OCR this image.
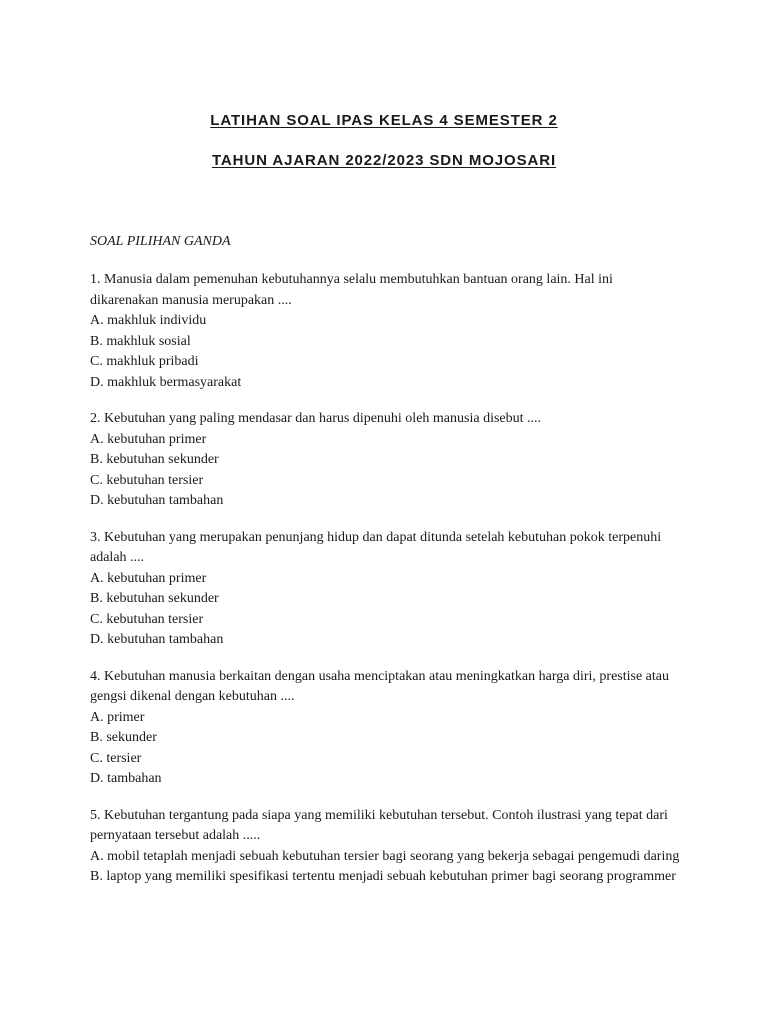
LATIHAN SOAL IPAS KELAS 4 SEMESTER 2
TAHUN AJARAN 2022/2023 SDN MOJOSARI
SOAL PILIHAN GANDA

1. Manusia dalam pemenuhan kebutuhannya selalu membutuhkan bantuan orang lain. Hal ini dikarenakan manusia merupakan ....

A. makhluk individu

B. makhluk sosial

C. makhluk pribadi

D. makhluk bermasyarakat

2. Kebutuhan yang paling mendasar dan harus dipenuhi oleh manusia disebut ....

A. kebutuhan primer

B. kebutuhan sekunder

C. kebutuhan tersier

D. kebutuhan tambahan

3. Kebutuhan yang merupakan penunjang hidup dan dapat ditunda setelah kebutuhan pokok terpenuhi adalah ....

A. kebutuhan primer

B. kebutuhan sekunder

C. kebutuhan tersier

D. kebutuhan tambahan

4. Kebutuhan manusia berkaitan dengan usaha menciptakan atau meningkatkan harga diri, prestise atau gengsi dikenal dengan kebutuhan ....

A. primer

B. sekunder

C. tersier

D. tambahan

5. Kebutuhan tergantung pada siapa yang memiliki kebutuhan tersebut. Contoh ilustrasi yang tepat dari pernyataan tersebut adalah .....

A. mobil tetaplah menjadi sebuah kebutuhan tersier bagi seorang yang bekerja sebagai pengemudi daring

B. laptop yang memiliki spesifikasi tertentu menjadi sebuah kebutuhan primer bagi seorang programmer
